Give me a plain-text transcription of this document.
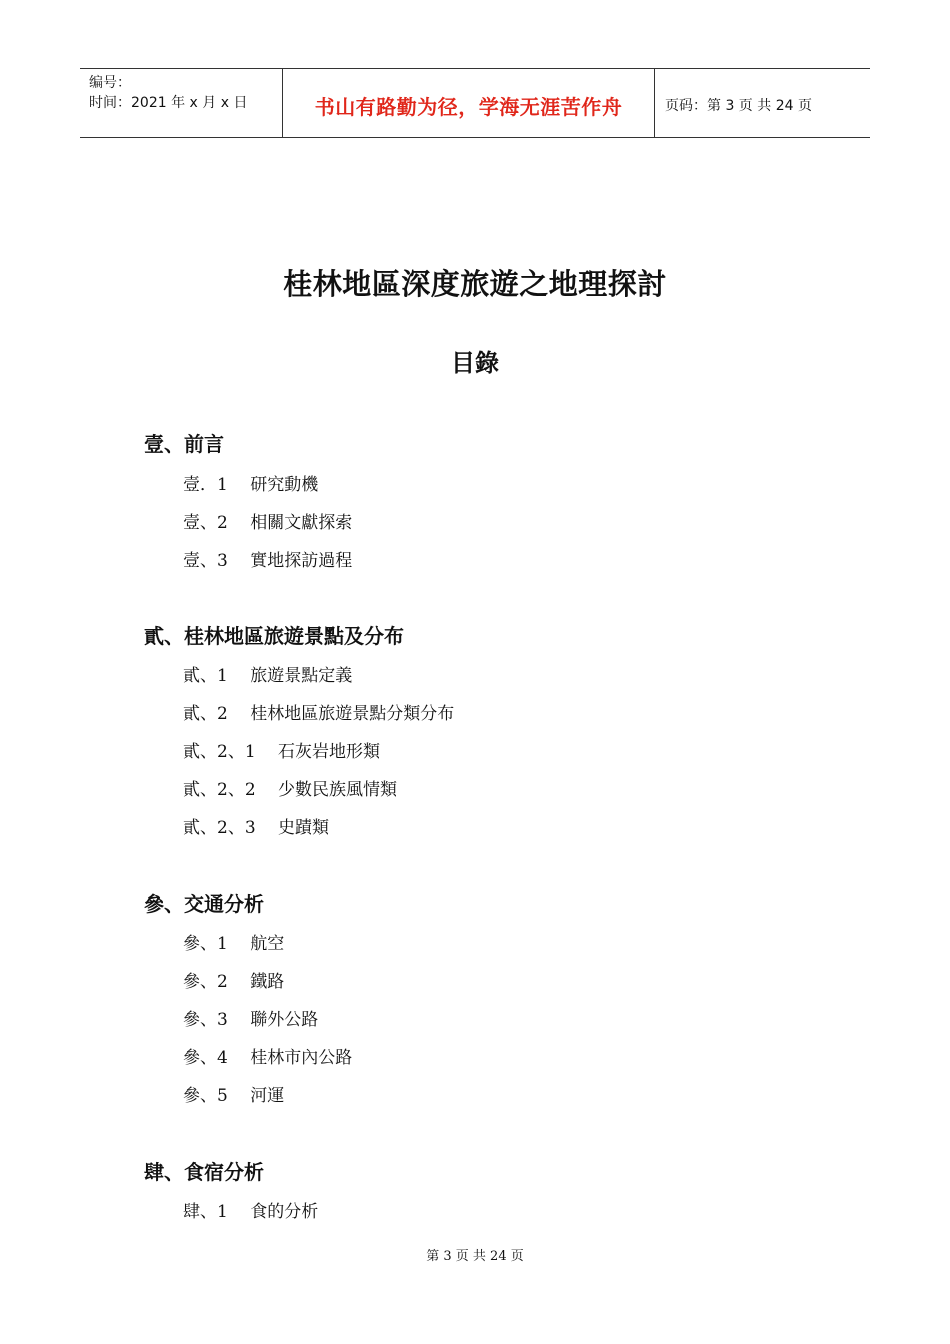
编号：
时间：2021 年 x 月 x 日	书山有路勤为径，学海无涯苦作舟	页码：第 3 页 共 24 页
桂林地區深度旅遊之地理探討
目錄
壹、前言
壹．1　 研究動機
壹、2　 相關文獻探索
壹、3　 實地探訪過程
貳、桂林地區旅遊景點及分布
貳、1　 旅遊景點定義
貳、2　 桂林地區旅遊景點分類分布
貳、2、1　 石灰岩地形類
貳、2、2　 少數民族風情類
貳、2、3　 史蹟類
參、交通分析
參、1　 航空
參、2　 鐵路
參、3　 聯外公路
參、4　 桂林市內公路
參、5　 河運
肆、食宿分析
肆、1　 食的分析
第 3 页 共 24 页
